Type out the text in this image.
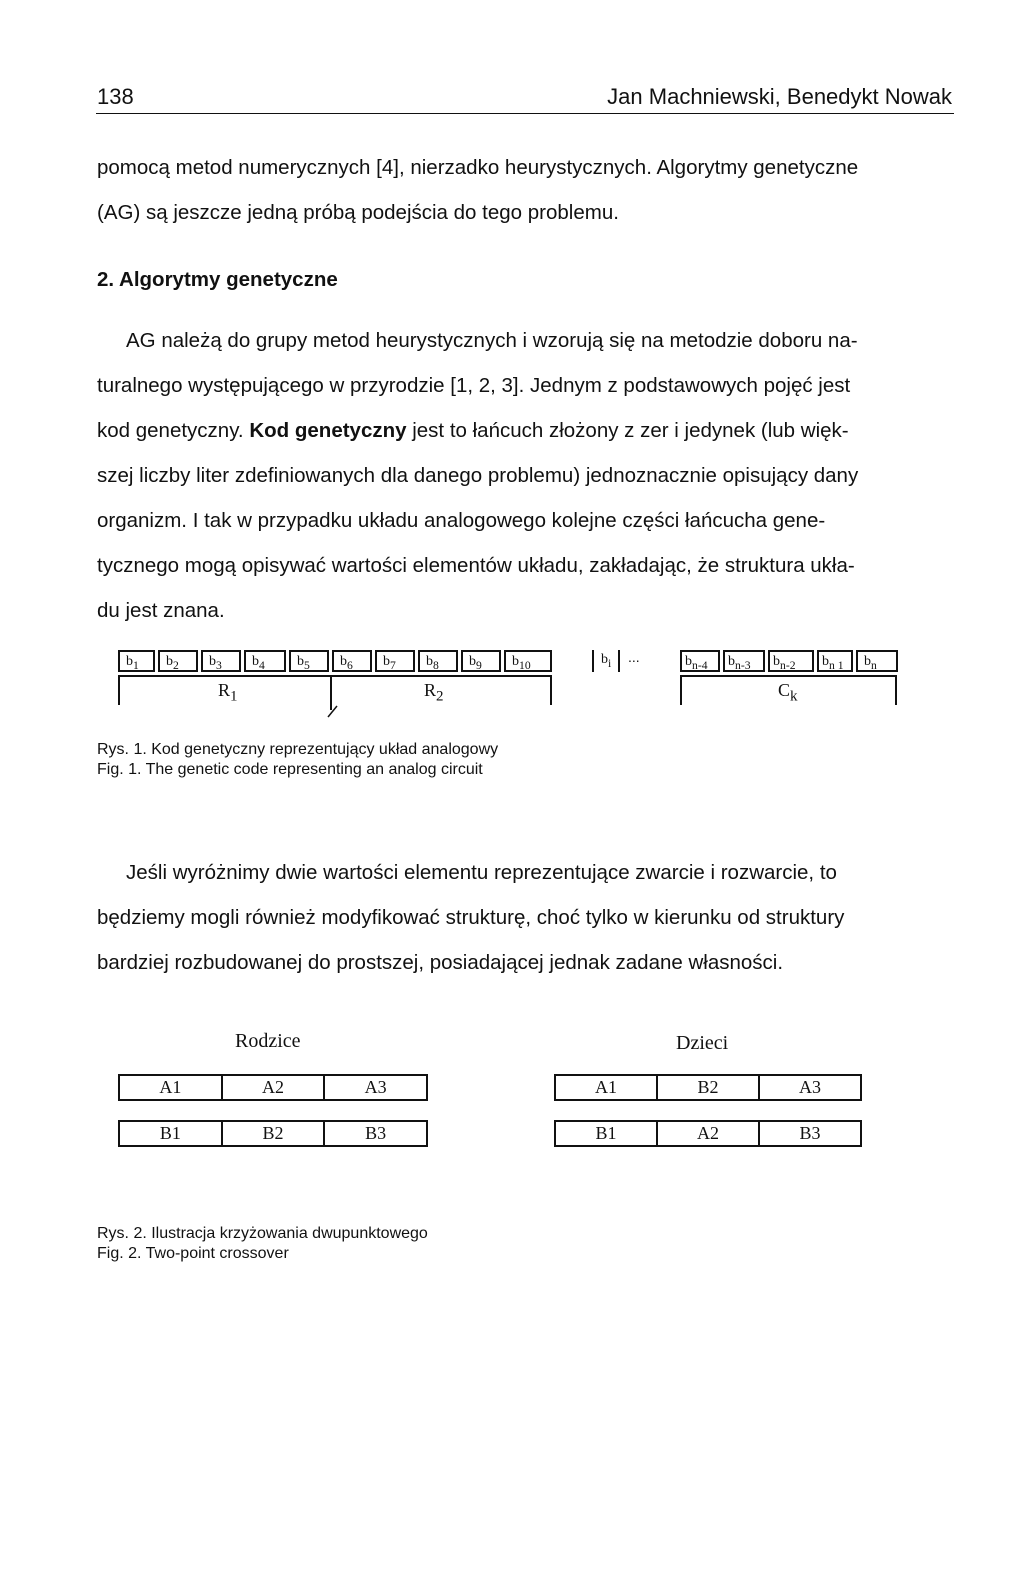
138	Jan Machniewski, Benedykt Nowak

pomocą metod numerycznych [4], nierzadko heurystycznych. Algorytmy genetyczne
(AG) są jeszcze jedną próbą podejścia do tego problemu.

2. Algorytmy genetyczne

AG należą do grupy metod heurystycznych i wzorują się na metodzie doboru na-
turalnego występującego w przyrodzie [1, 2, 3]. Jednym z podstawowych pojęć jest
kod genetyczny. Kod genetyczny jest to łańcuch złożony z zer i jedynek (lub więk-
szej liczby liter zdefiniowanych dla danego problemu) jednoznacznie opisujący dany
organizm. I tak w przypadku układu analogowego kolejne części łańcucha gene-
tycznego mogą opisywać wartości elementów układu, zakładając, że struktura ukła-
du jest znana.

$b_1$	$b_2$	$b_3$	$b_4$	$b_5$	$b_6$	$b_7$	$b_8$	$b_9$	$b_{10}$	$b_i$ ...	$b_{n-4}$	$b_{n-3}$	$b_{n-2}$	$b_{n 1}$	$b_n$
$R_1$	$R_2$	$C_k$
Rys. 1. Kod genetyczny reprezentujący układ analogowy
Fig. 1. The genetic code representing an analog circuit

Jeśli wyróżnimy dwie wartości elementu reprezentujące zwarcie i rozwarcie, to
będziemy mogli również modyfikować strukturę, choć tylko w kierunku od struktury
bardziej rozbudowanej do prostszej, posiadającej jednak zadane własności.

Rodzice	Dzieci
A1	A2	A3
B1	B2	B3
A1	B2	A3
B1	A2	B3
Rys. 2. Ilustracja krzyżowania dwupunktowego
Fig. 2. Two-point crossover
